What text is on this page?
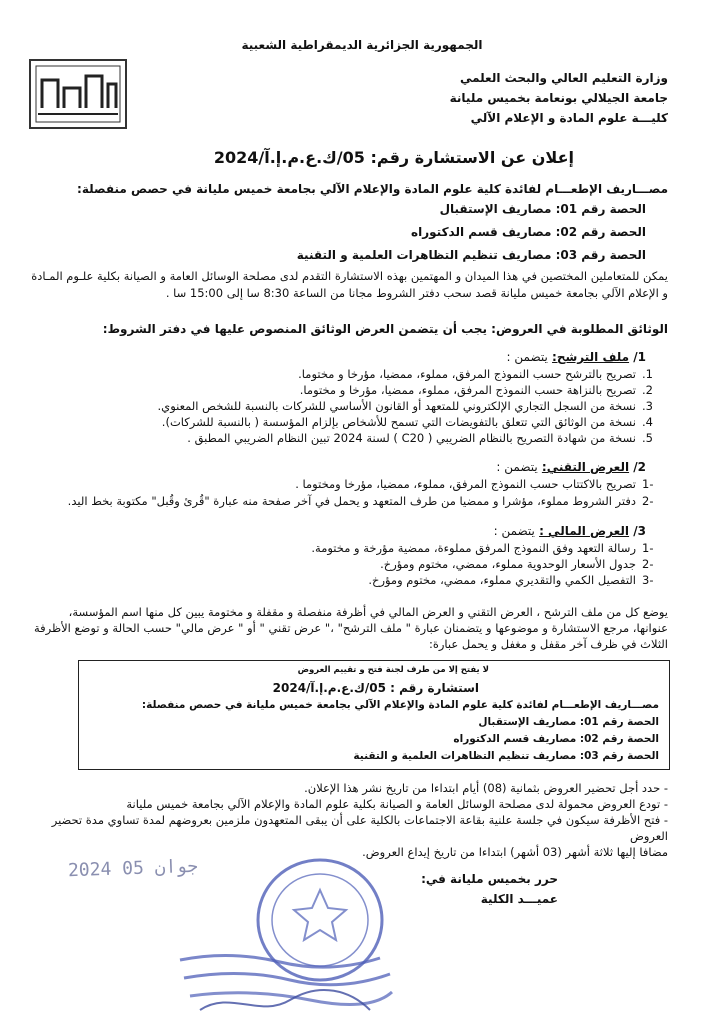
الجمهورية الجزائرية الديمقراطية الشعبية
وزارة التعليم العالي والبحث العلمي
جامعة الجيلالي بونعامة بخميس مليانة
كليـــة علوم المادة و الإعلام الآلي
إعلان عن الاستشارة رقم: 05/ك.ع.م.إ.آ/2024
مصـــاريف الإطعـــام لفائدة كلية علوم المادة والإعلام الآلي بجامعة خميس مليانة في حصص منفصلة:
الحصة رقم 01: مصاريف الإستقبال
الحصة رقم 02: مصاريف قسم الدكتوراه
الحصة رقم 03: مصاريف تنظيم التظاهرات العلمية و التقنية
يمكن للمتعاملين المختصين في هذا الميدان و المهتمين بهذه الاستشارة التقدم لدى مصلحة الوسائل العامة و الصيانة بكلية علـوم المـادة
و الإعلام الآلي بجامعة خميس مليانة قصد سحب دفتر الشروط مجانا من الساعة 8:30 سا إلى 15:00 سا .
الوثائق المطلوبة في العروض: يجب أن يتضمن العرض الوثائق المنصوص عليها في دفتر الشروط:
1/ ملف الترشح: يتضمن :
1.تصريح بالترشح حسب النموذج المرفق، مملوء، ممضيا، مؤرخا و مختوما.
2.تصريح بالنزاهة حسب النموذج المرفق، مملوء، ممضيا، مؤرخا و مختوما.
3.نسخة من السجل التجاري الإلكتروني للمتعهد أو القانون الأساسي للشركات بالنسبة للشخص المعنوي.
4.نسخة من الوثائق التي تتعلق بالتفويضات التي تسمح للأشخاص بإلزام المؤسسة ( بالنسبة للشركات).
5.نسخة من شهادة التصريح بالنظام الضريبي ( C20 ) لسنة 2024 تبين النظام الضريبي المطبق .
2/ العرض التقني: يتضمن :
-1تصريح بالاكتتاب حسب النموذج المرفق، مملوء، ممضيا، مؤرخا ومختوما .
-2دفتر الشروط مملوء، مؤشرا و ممضيا من طرف المتعهد و يحمل في آخر صفحة منه عبارة "قُرئ وقُبل" مكتوبة بخط اليد.
3/ العرض المالي : يتضمن :
-1رسالة التعهد وفق النموذج المرفق مملوءة، ممضية مؤرخة و مختومة.
-2جدول الأسعار الوحدوية مملوء، ممضي، مختوم ومؤرخ.
-3التفصيل الكمي والتقديري مملوء، ممضي، مختوم ومؤرخ.
يوضع كل من ملف الترشح ، العرض التقني و العرض المالي في أظرفة منفصلة و مقفلة و مختومة يبين كل منها اسم المؤسسة،
عنوانها، مرجع الاستشارة و موضوعها و يتضمنان عبارة " ملف الترشح" ،" عرض تقني " أو " عرض مالي" حسب الحالة و توضع الأظرفة
الثلاث في ظرف آخر مقفل و مغفل و يحمل عبارة:
لا يفتح إلا من طرف لجنة فتح و تقييم العروض
استشارة رقم : 05/ك.ع.م.إ.آ/2024
مصـــاريف الإطعـــام لفائدة كلية علوم المادة والإعلام الآلي بجامعة خميس مليانة في حصص منفصلة:
الحصة رقم 01: مصاريف الإستقبال
الحصة رقم 02: مصاريف قسم الدكتوراه
الحصة رقم 03: مصاريف تنظيم التظاهرات العلمية و التقنية
- حدد أجل تحضير العروض بثمانية (08) أيام ابتداءا من تاريخ نشر هذا الإعلان.
- تودع العروض محمولة لدى مصلحة الوسائل العامة و الصيانة بكلية علوم المادة والإعلام الآلي بجامعة خميس مليانة
- فتح الأظرفة سيكون في جلسة علنية بقاعة الاجتماعات بالكلية على أن يبقى المتعهدون ملزمين بعروضهم لمدة تساوي مدة تحضير العروض
مضافا إليها ثلاثة أشهر (03 أشهر) ابتداءا من تاريخ إيداع العروض.
2024 جوان 05
حرر بخميس مليانة في:
عميـــد الكلية
